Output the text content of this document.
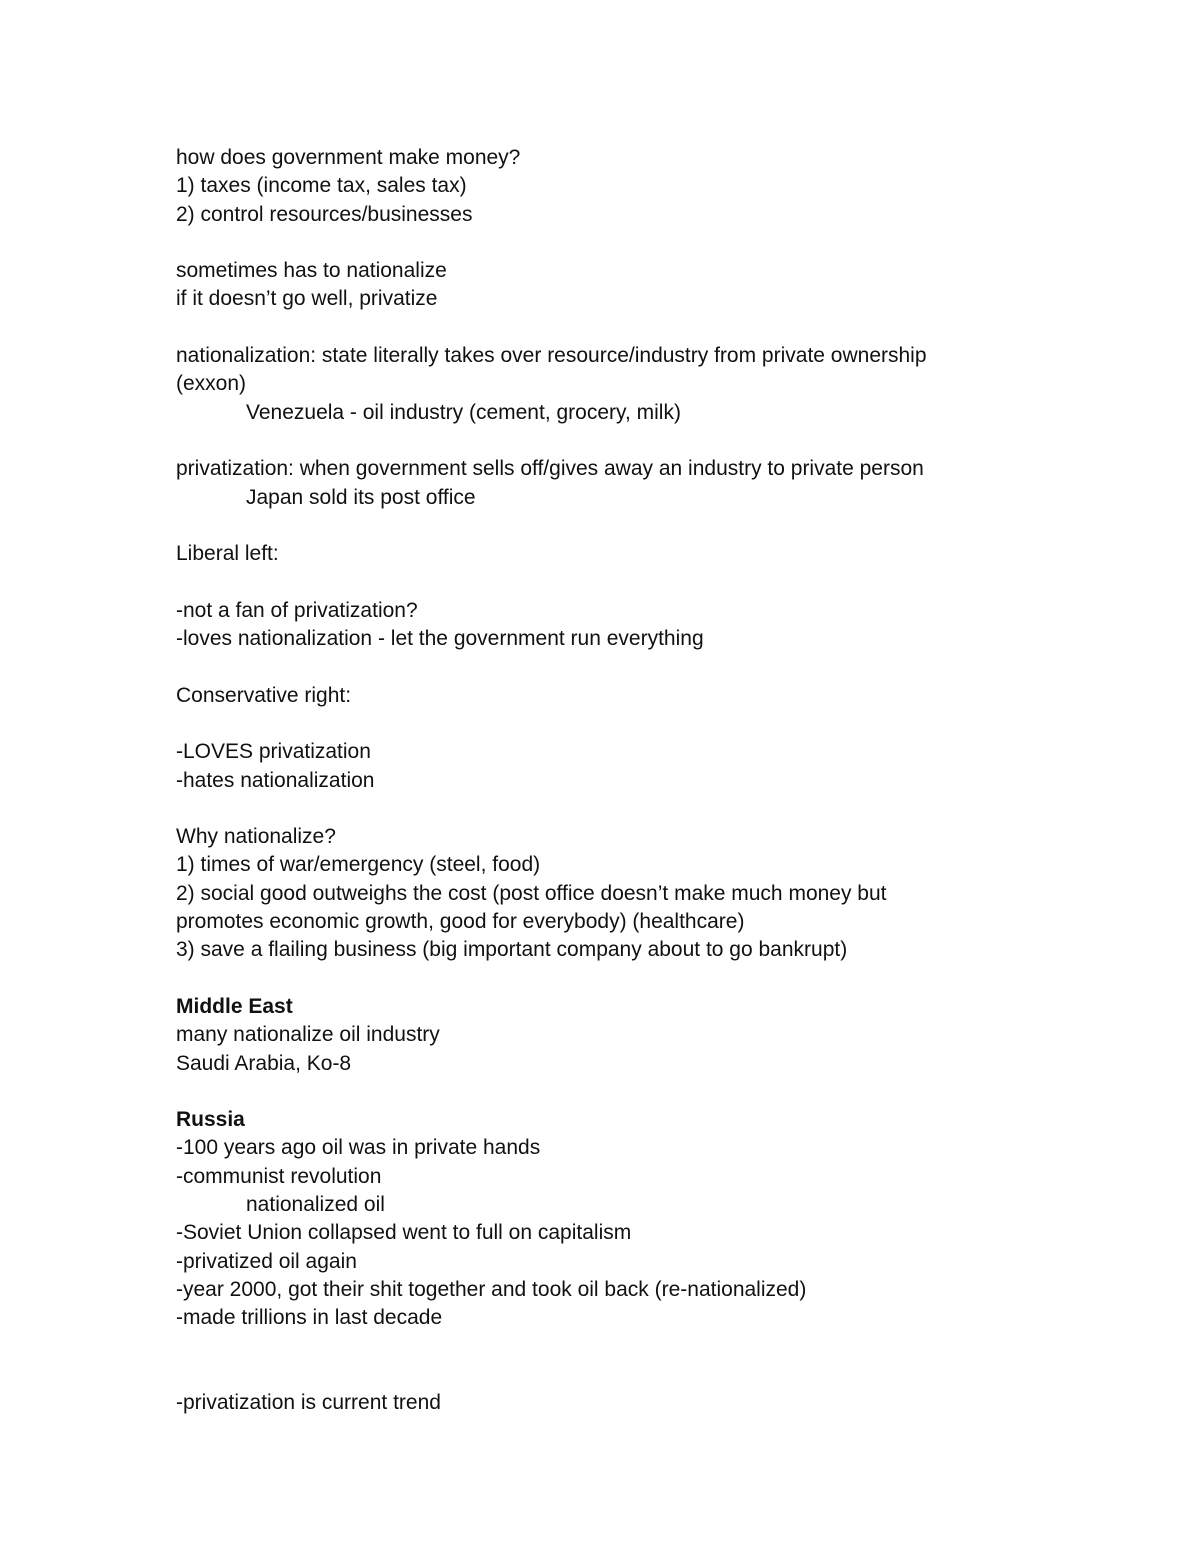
how does government make money?
1) taxes (income tax, sales tax)
2) control resources/businesses
sometimes has to nationalize
if it doesn’t go well, privatize
nationalization: state literally takes over resource/industry from private ownership
(exxon)
Venezuela - oil industry (cement, grocery, milk)
privatization: when government sells off/gives away an industry to private person
Japan sold its post office
Liberal left:
-not a fan of privatization?
-loves nationalization - let the government run everything
Conservative right:
-LOVES privatization
-hates nationalization
Why nationalize?
1) times of war/emergency (steel, food)
2) social good outweighs the cost (post office doesn’t make much money but
promotes economic growth, good for everybody) (healthcare)
3) save a flailing business (big important company about to go bankrupt)
Middle East
many nationalize oil industry
Saudi Arabia, Ko-8
Russia
-100 years ago oil was in private hands
-communist revolution
nationalized oil
-Soviet Union collapsed went to full on capitalism
-privatized oil again
-year 2000, got their shit together and took oil back (re-nationalized)
-made trillions in last decade
-privatization is current trend
